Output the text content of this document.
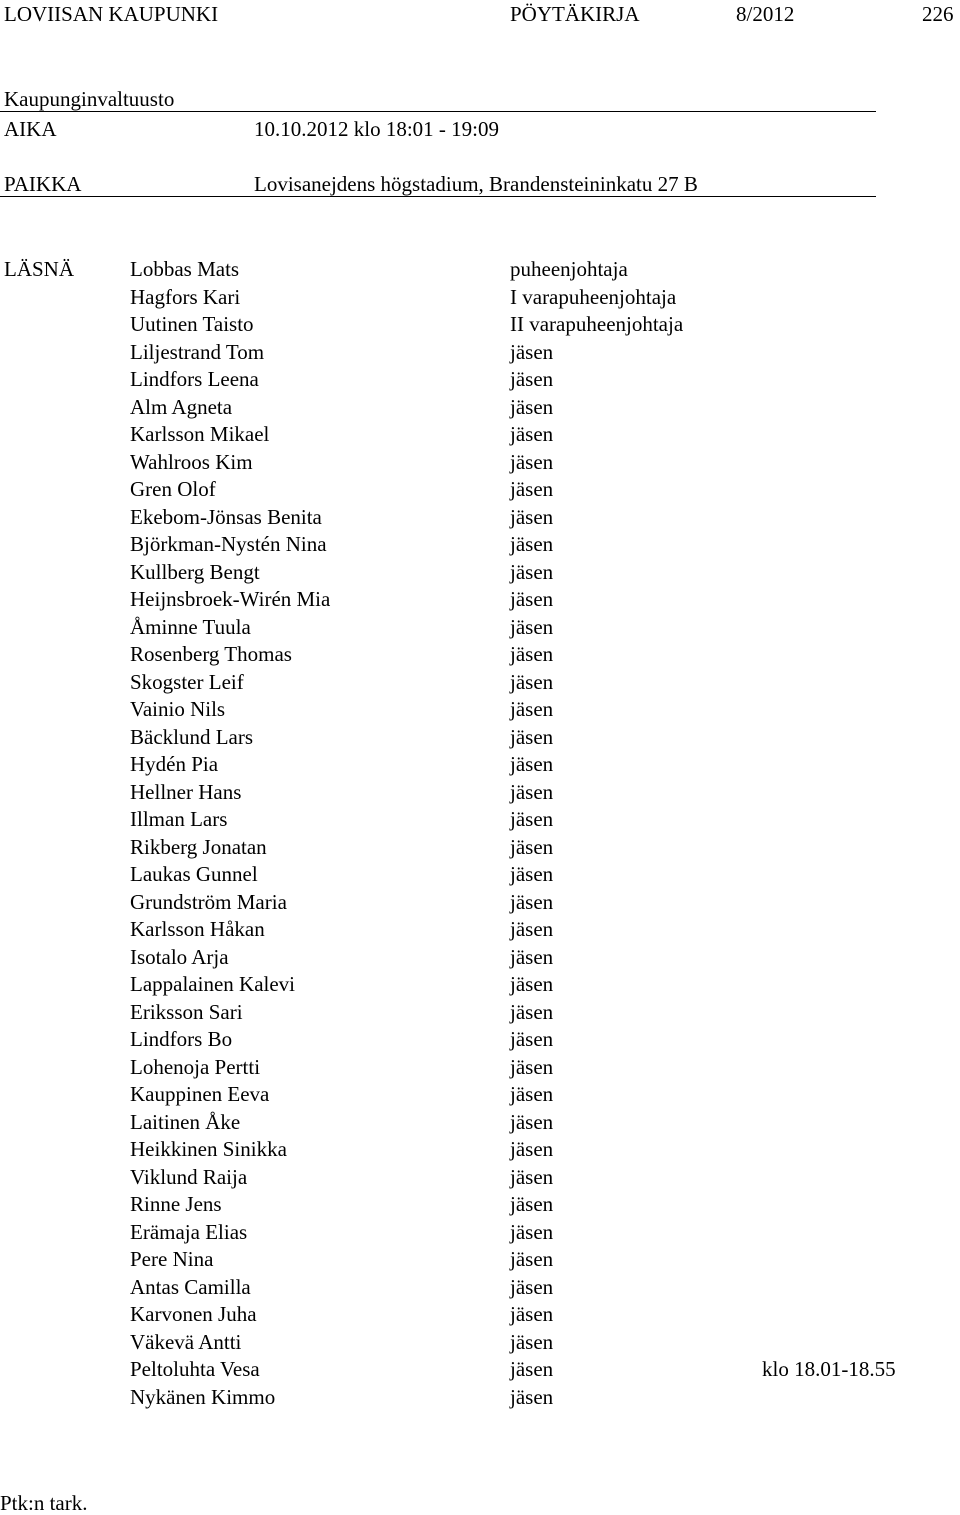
LOVIISAN KAUPUNKI	PÖYTÄKIRJA	8/2012	226
Kaupunginvaltuusto
AIKA	10.10.2012 klo 18:01 - 19:09
PAIKKA	Lovisanejdens högstadium, Brandensteininkatu 27 B
LÄSNÄ	Lobbas Mats	puheenjohtaja
Hagfors Kari	I varapuheenjohtaja
Uutinen Taisto	II varapuheenjohtaja
Liljestrand Tom	jäsen
Lindfors Leena	jäsen
Alm Agneta	jäsen
Karlsson Mikael	jäsen
Wahlroos Kim	jäsen
Gren Olof	jäsen
Ekebom-Jönsas Benita	jäsen
Björkman-Nystén Nina	jäsen
Kullberg Bengt	jäsen
Heijnsbroek-Wirén Mia	jäsen
Åminne Tuula	jäsen
Rosenberg Thomas	jäsen
Skogster Leif	jäsen
Vainio Nils	jäsen
Bäcklund Lars	jäsen
Hydén Pia	jäsen
Hellner Hans	jäsen
Illman Lars	jäsen
Rikberg Jonatan	jäsen
Laukas Gunnel	jäsen
Grundström Maria	jäsen
Karlsson Håkan	jäsen
Isotalo Arja	jäsen
Lappalainen Kalevi	jäsen
Eriksson Sari	jäsen
Lindfors Bo	jäsen
Lohenoja Pertti	jäsen
Kauppinen Eeva	jäsen
Laitinen Åke	jäsen
Heikkinen Sinikka	jäsen
Viklund Raija	jäsen
Rinne Jens	jäsen
Erämaja Elias	jäsen
Pere Nina	jäsen
Antas Camilla	jäsen
Karvonen Juha	jäsen
Väkevä Antti	jäsen
Peltoluhta Vesa	jäsen	klo 18.01-18.55
Nykänen Kimmo	jäsen
Ptk:n tark.
